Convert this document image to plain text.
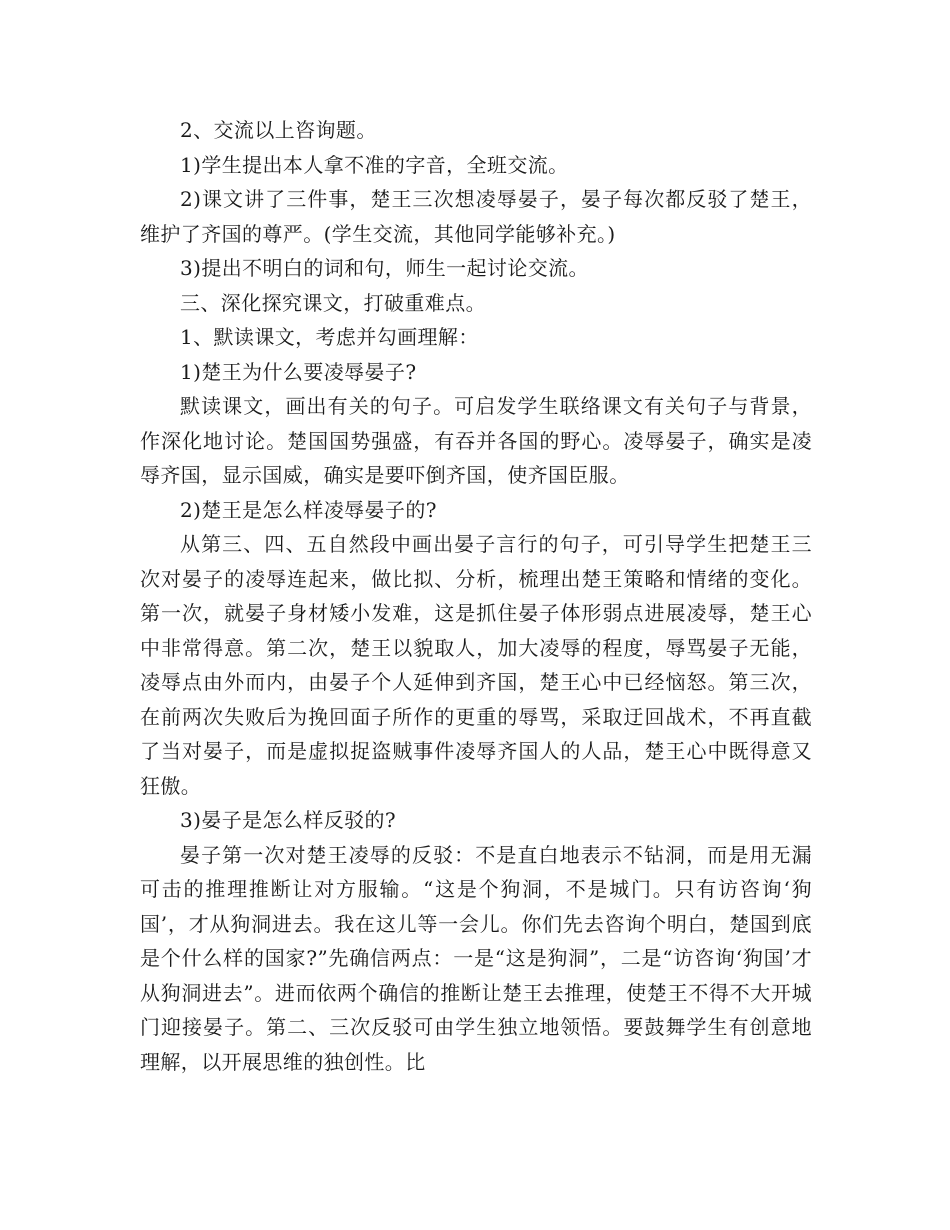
2、交流以上咨询题。

1)学生提出本人拿不准的字音，全班交流。

2)课文讲了三件事，楚王三次想凌辱晏子，晏子每次都反驳了楚王，维护了齐国的尊严。(学生交流，其他同学能够补充。)

3)提出不明白的词和句，师生一起讨论交流。

三、深化探究课文，打破重难点。

1、默读课文，考虑并勾画理解：

1)楚王为什么要凌辱晏子?

默读课文，画出有关的句子。可启发学生联络课文有关句子与背景，作深化地讨论。楚国国势强盛，有吞并各国的野心。凌辱晏子，确实是凌辱齐国，显示国威，确实是要吓倒齐国，使齐国臣服。

2)楚王是怎么样凌辱晏子的?

从第三、四、五自然段中画出晏子言行的句子，可引导学生把楚王三次对晏子的凌辱连起来，做比拟、分析，梳理出楚王策略和情绪的变化。第一次，就晏子身材矮小发难，这是抓住晏子体形弱点进展凌辱，楚王心中非常得意。第二次，楚王以貌取人，加大凌辱的程度，辱骂晏子无能，凌辱点由外而内，由晏子个人延伸到齐国，楚王心中已经恼怒。第三次，在前两次失败后为挽回面子所作的更重的辱骂，采取迂回战术，不再直截了当对晏子，而是虚拟捉盗贼事件凌辱齐国人的人品，楚王心中既得意又狂傲。

3)晏子是怎么样反驳的?

晏子第一次对楚王凌辱的反驳：不是直白地表示不钻洞，而是用无漏可击的推理推断让对方服输。“这是个狗洞，不是城门。只有访咨询‘狗国’，才从狗洞进去。我在这儿等一会儿。你们先去咨询个明白，楚国到底是个什么样的国家?”先确信两点：一是“这是狗洞”，二是“访咨询‘狗国’才从狗洞进去”。进而依两个确信的推断让楚王去推理，使楚王不得不大开城门迎接晏子。第二、三次反驳可由学生独立地领悟。要鼓舞学生有创意地理解，以开展思维的独创性。比
